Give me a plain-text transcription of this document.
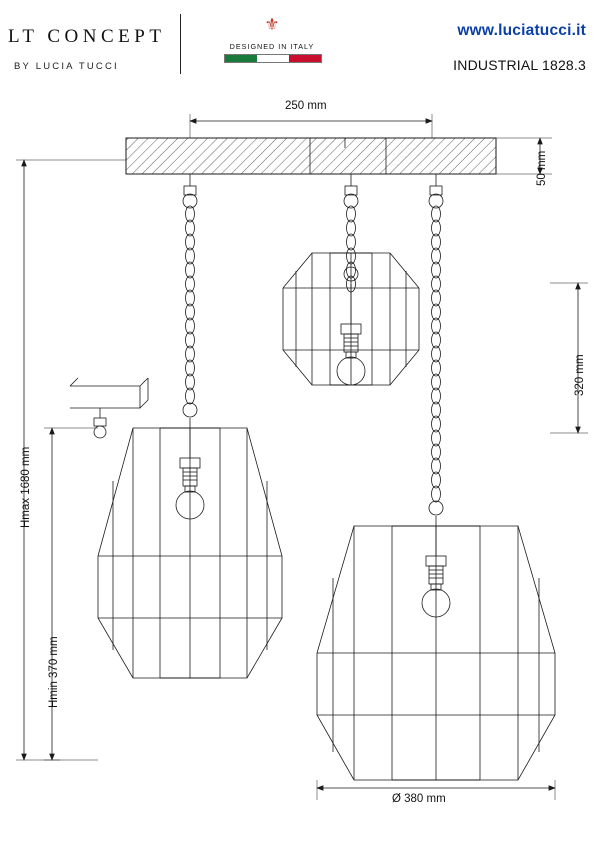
LT CONCEPT
BY LUCIA TUCCI
⚜
DESIGNED IN ITALY
www.luciatucci.it
INDUSTRIAL 1828.3
250 mm
50 mm
320 mm
Hmax 1680 mm
Hmin 370 mm
Ø 380 mm
